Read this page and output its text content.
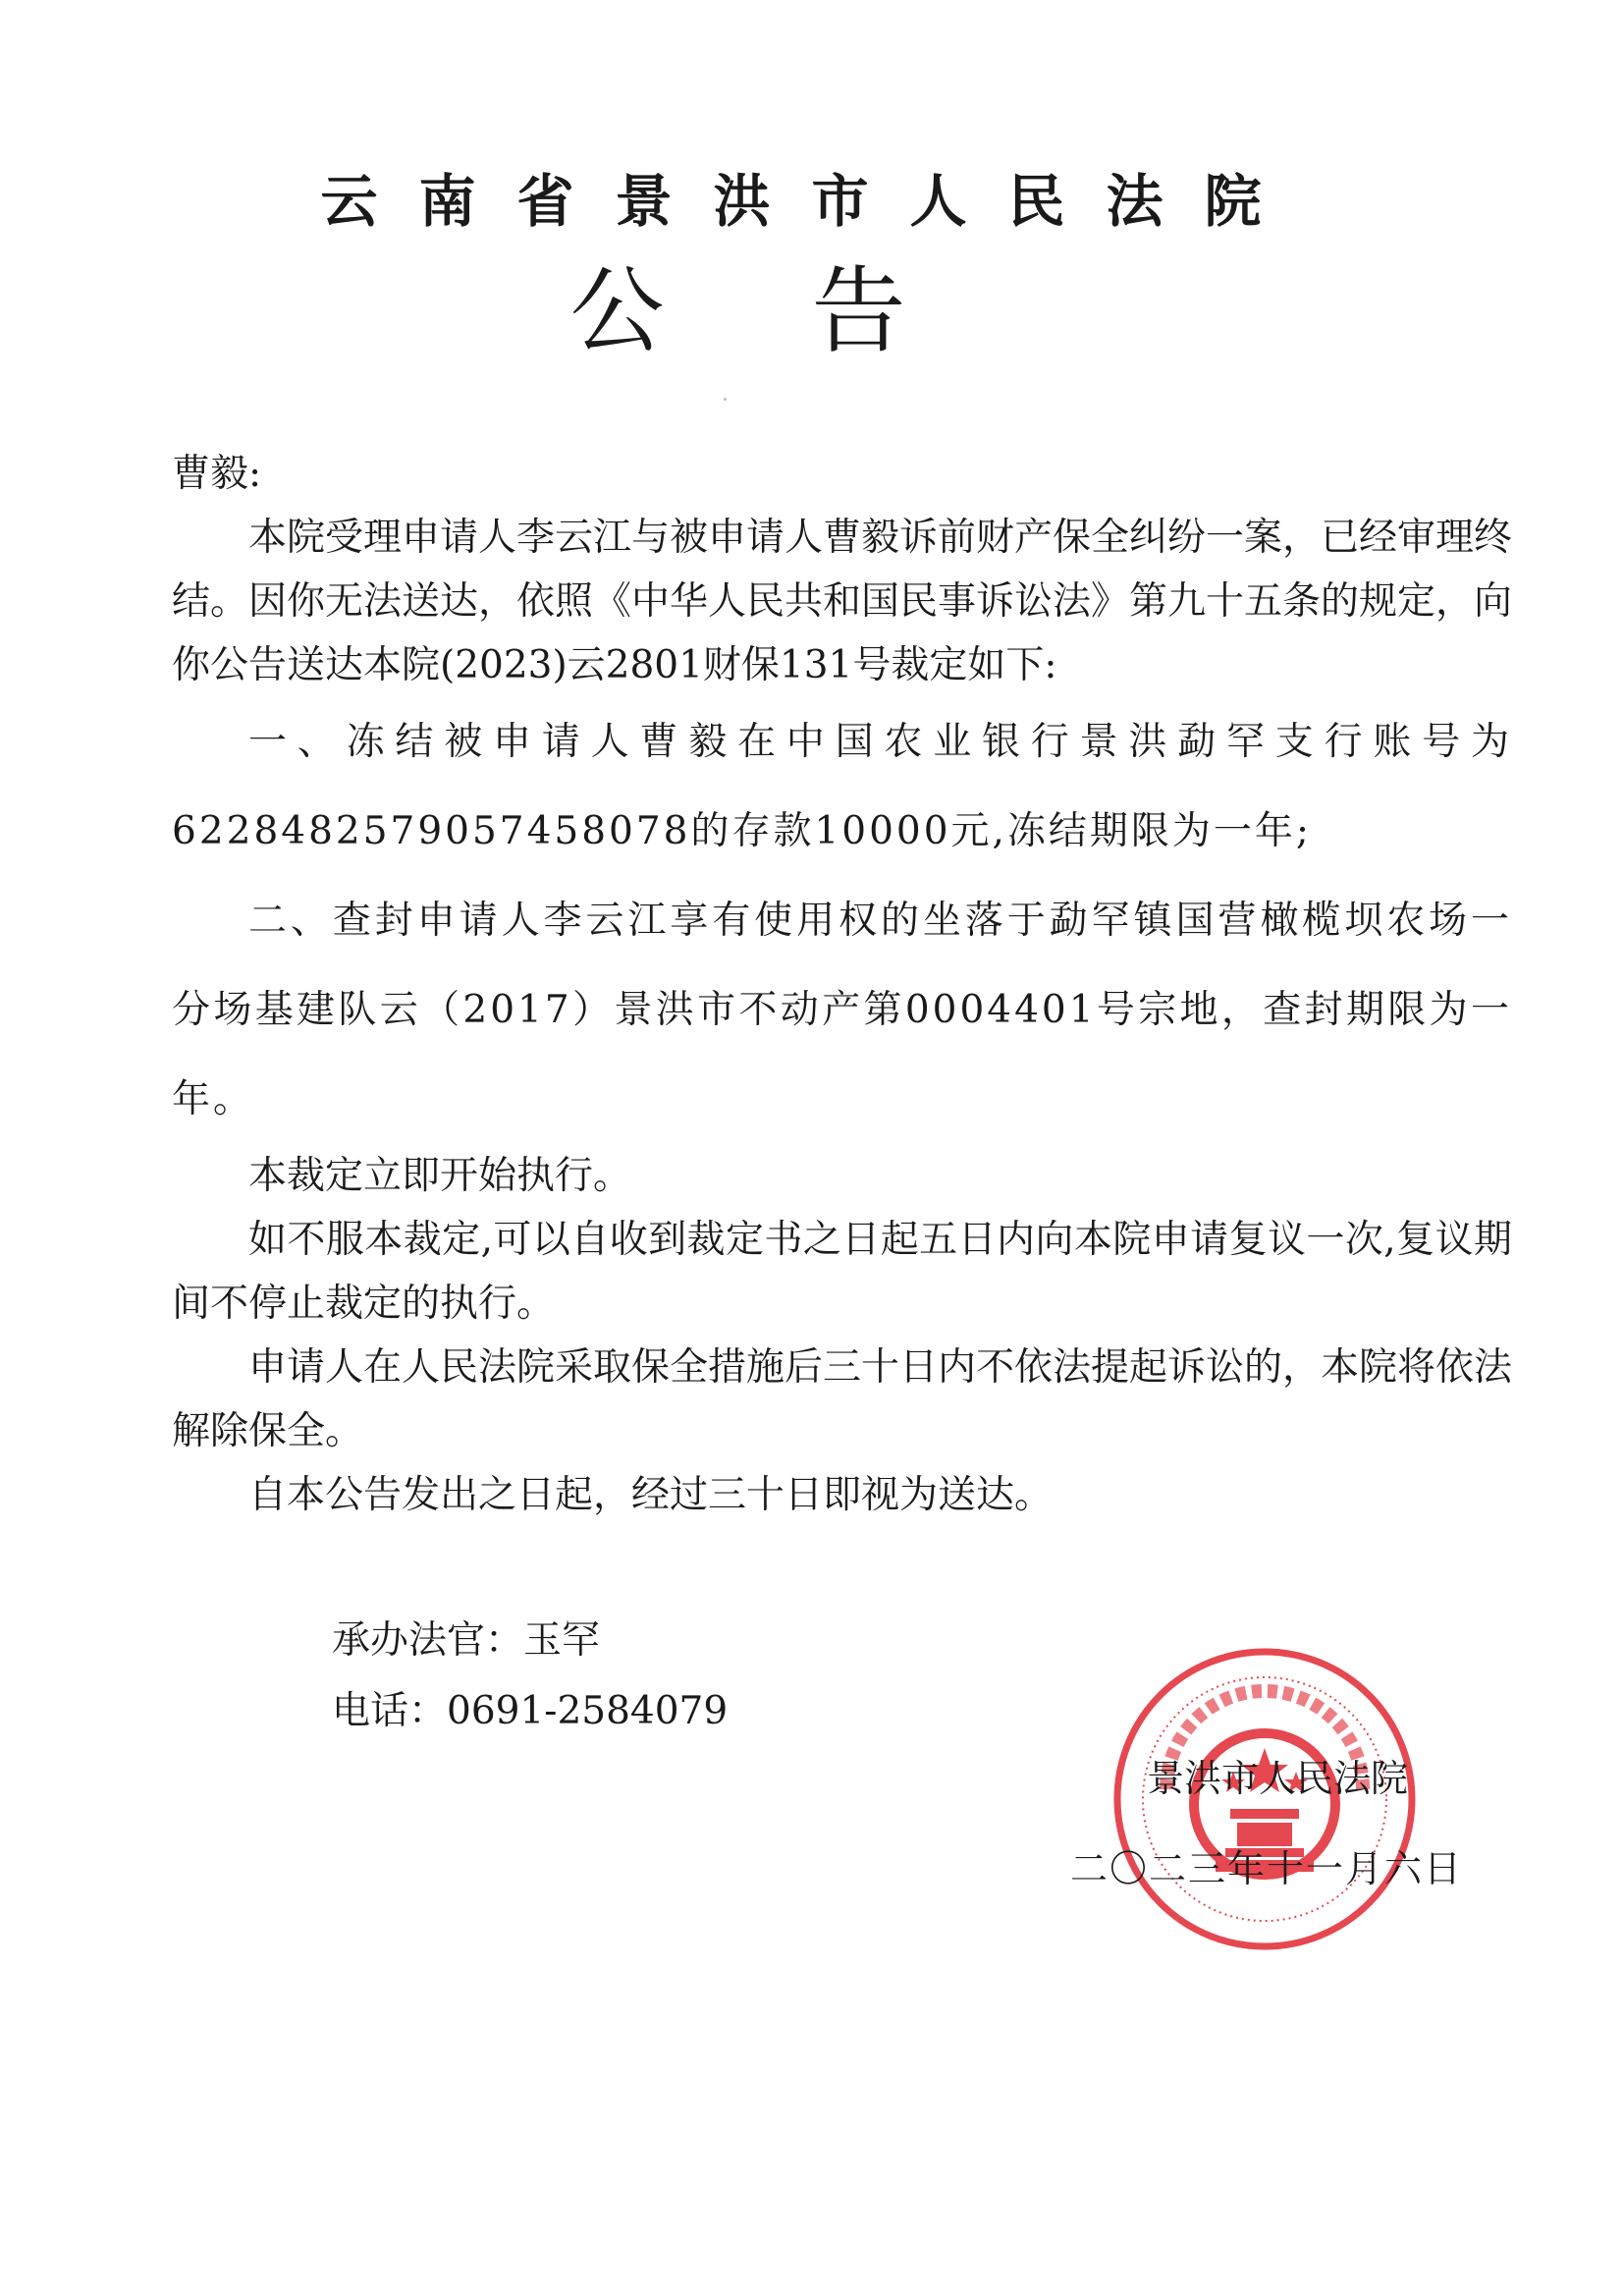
云南省景洪市人民法院
公告

曹毅:

本院受理申请人李云江与被申请人曹毅诉前财产保全纠纷一案，已经审理终结。因你无法送达，依照《中华人民共和国民事诉讼法》第九十五条的规定，向你公告送达本院(2023)云2801财保131号裁定如下:

一、冻结被申请人曹毅在中国农业银行景洪勐罕支行账号为6228482579057458078的存款10000元,冻结期限为一年;

二、查封申请人李云江享有使用权的坐落于勐罕镇国营橄榄坝农场一分场基建队云（2017）景洪市不动产第0004401号宗地，查封期限为一年。

本裁定立即开始执行。

如不服本裁定,可以自收到裁定书之日起五日内向本院申请复议一次,复议期间不停止裁定的执行。

申请人在人民法院采取保全措施后三十日内不依法提起诉讼的，本院将依法解除保全。

自本公告发出之日起，经过三十日即视为送达。

承办法官：玉罕
电话：0691-2584079
景洪市人民法院
二〇二三年十一月六日
